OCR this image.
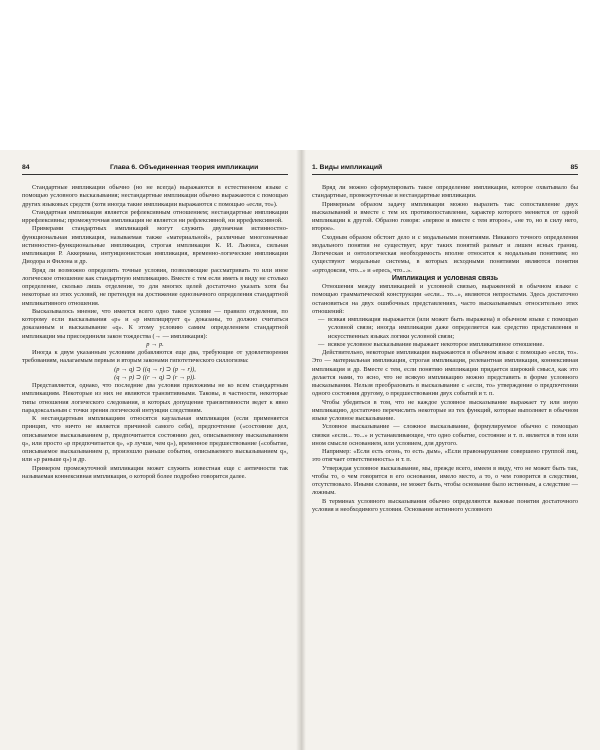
84	Глава 6. Объединенная теория импликации

Стандартные импликации обычно (но не всегда) выражаются в естественном языке с помощью условного высказывания; нестандартные импликации обычно выражаются с помощью других языковых средств (хотя иногда такие импликации выражаются с помощью «если, то»).

Стандартная импликация является рефлексивным отношением; нестандартные импликации иррефлексивны; промежуточная импликация не является ни рефлексивной, ни иррефлексивной.

Примерами стандартных импликаций могут служить двузначная истинностно-функциональная импликация, называемая также «материальной», различные многозначные истинностно-функциональные импликации, строгая импликация К. И. Льюиса, сильная импликация Р. Аккермана, интуиционистская импликация, временно-логические импликации Диодора и Филона и др.

Вряд ли возможно определить точные условия, позволяющие рассматривать то или иное логическое отношение как стандартную импликацию. Вместе с тем если иметь в виду не столько определение, сколько лишь отделение, то для многих целей достаточно указать хотя бы некоторые из этих условий, не претендуя на достижение однозначного определения стандартной импликативного отношения.

Высказывалось мнение, что имеется всего одно такое условие — правило отделения, по которому если высказывания «p» и «p имплицирует q» доказаны, то должно считаться доказанным и высказывание «q». К этому условию самим определением стандартной импликации мы присоединили закон тождества (→ — импликация):

p → p.

Иногда к двум указанным условиям добавляются еще два, требующие от удовлетворения требованиям, налагаемым первым и вторым законами гипотетического силлогизма:

(p → q) ⊃ ((q → r) ⊃ (p → r)),

(q → p) ⊃ ((r → q) ⊃ (r → p)).

Представляется, однако, что последние два условия приложимы не ко всем стандартным импликациям. Некоторые из них не являются транзитивными. Таковы, в частности, некоторые типы отношения логического следования, в которых допущение транзитивности ведет к явно парадоксальным с точки зрения логической интуиции следствиям.

К нестандартным импликациям относятся каузальная импликация (если применяется принцип, что ничто не является причиной самого себя), предпочтение («состояние дел, описываемое высказыванием p, предпочитается состоянию дел, описываемому высказыванием q», или просто «p предпочитается q», «p лучше, чем q»), временное предшествование («событие, описываемое высказыванием p, произошло раньше события, описываемого высказыванием q», или «p раньше q») и др.

Примером промежуточной импликации может служить известная еще с античности так называемая коннексивная импликация, о которой более подробно говорится далее.

1. Виды импликаций	85

Вряд ли можно сформулировать такое определение импликации, которое охватывало бы стандартные, промежуточные и нестандартные импликации.

Примерным образом задачу импликации можно выразить так: сопоставление двух высказываний и вместе с тем их противопоставление, характер которого меняется от одной импликации к другой. Образно говоря: «первое и вместе с тем второе», «не то, но в силу него, второе».

Сходным образом обстоит дело и с модальными понятиями. Никакого точного определения модального понятия не существует, круг таких понятий размыт и лишен ясных границ. Логическая и онтологическая необходимость вполне относятся к модальным понятиям; но существуют модальные системы, в которых исходными понятиями являются понятия «ортодоксия, что...» и «ересь, что...».

Импликация и условная связь

Отношения между импликацией и условной связью, выраженной в обычном языке с помощью грамматической конструкции «если... то...», являются непростыми. Здесь достаточно остановиться на двух ошибочных представлениях, часто высказываемых относительно этих отношений:

— всякая импликация выражается (или может быть выражена) в обычном языке с помощью условной связи; иногда импликация даже определяется как средство представления в искусственных языках логики условной связи;

— всякое условное высказывание выражает некоторое импликативное отношение.

Действительно, некоторые импликации выражаются в обычном языке с помощью «если, то». Это — материальная импликация, строгая импликация, релевантная импликация, коннексивная импликация и др. Вместе с тем, если понятию импликации придается широкий смысл, как это делается нами, то ясно, что не всякую импликацию можно представить в форме условного высказывания. Нельзя преобразовать в высказывание с «если, то» утверждение о предпочтении одного состояния другому, о предшествовании двух событий и т. п.

Чтобы убедиться в том, что не каждое условное высказывание выражает ту или иную импликацию, достаточно перечислить некоторые из тех функций, которые выполняет в обычном языке условное высказывание.

Условное высказывание — сложное высказывание, формулируемое обычно с помощью связки «если... то...» и устанавливающее, что одно событие, состояние и т. п. является в том или ином смысле основанием, или условием, для другого.

Например: «Если есть огонь, то есть дым», «Если правонарушение совершено группой лиц, это отягчает ответственность» и т. п.

Утверждая условное высказывание, мы, прежде всего, имеем в виду, что не может быть так, чтобы то, о чем говорится в его основании, имело место, а то, о чем говорится в следствии, отсутствовало. Иными словами, не может быть, чтобы основание было истинным, а следствие — ложным.

В терминах условного высказывания обычно определяются важные понятия достаточного условия и необходимого условия. Основание истинного условного
